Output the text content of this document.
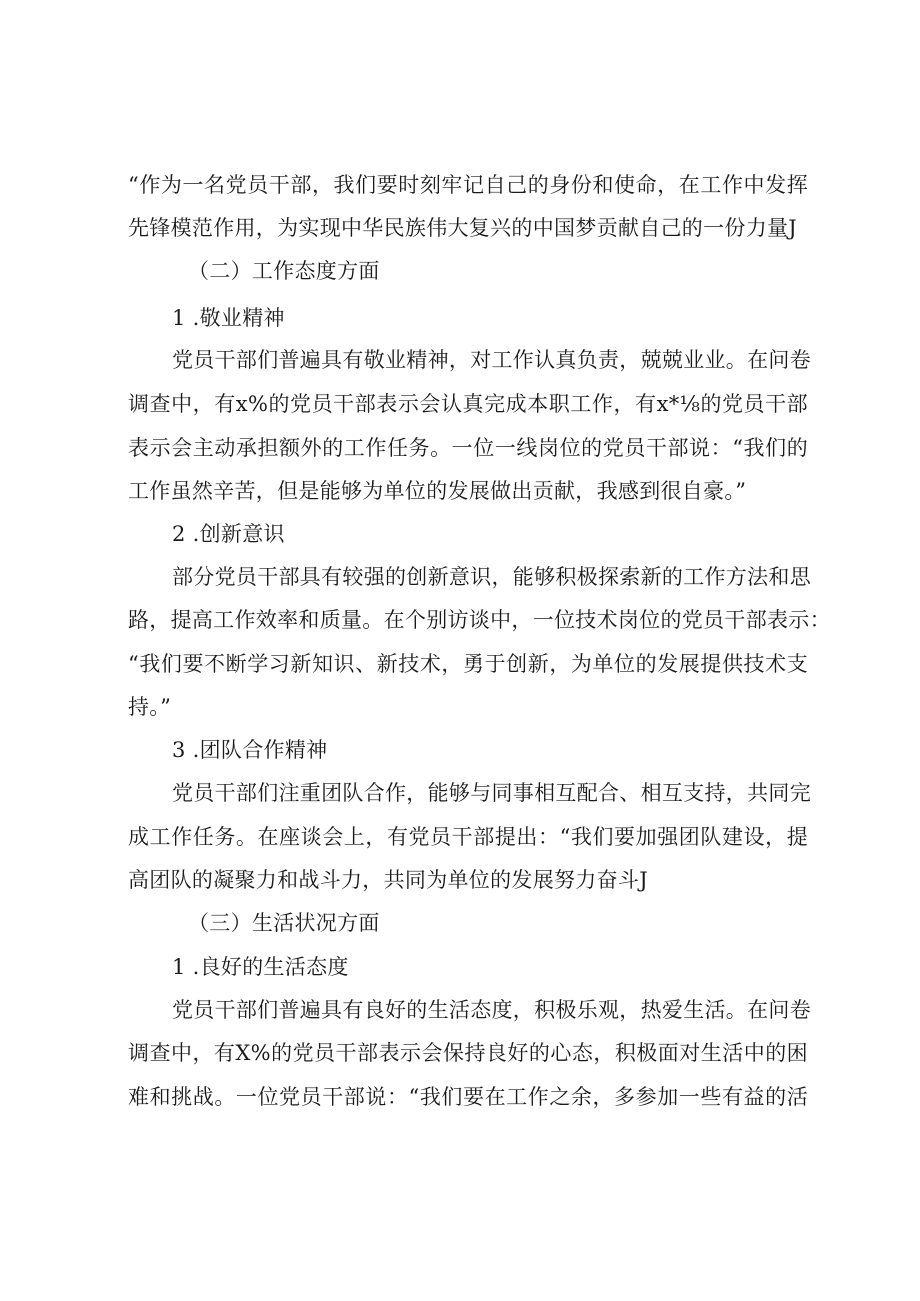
“作为一名党员干部，我们要时刻牢记自己的身份和使命，在工作中发挥
先锋模范作用，为实现中华民族伟大复兴的中国梦贡献自己的一份力量J
（二）工作态度方面
1 .敬业精神
党员干部们普遍具有敬业精神，对工作认真负责，兢兢业业。在问卷
调查中，有x%的党员干部表示会认真完成本职工作，有x*⅛的党员干部
表示会主动承担额外的工作任务。一位一线岗位的党员干部说：“我们的
工作虽然辛苦，但是能够为单位的发展做出贡献，我感到很自豪。”
2 .创新意识
部分党员干部具有较强的创新意识，能够积极探索新的工作方法和思
路，提高工作效率和质量。在个别访谈中，一位技术岗位的党员干部表示：
“我们要不断学习新知识、新技术，勇于创新，为单位的发展提供技术支
持。”
3 .团队合作精神
党员干部们注重团队合作，能够与同事相互配合、相互支持，共同完
成工作任务。在座谈会上，有党员干部提出：“我们要加强团队建设，提
高团队的凝聚力和战斗力，共同为单位的发展努力奋斗J
（三）生活状况方面
1 .良好的生活态度
党员干部们普遍具有良好的生活态度，积极乐观，热爱生活。在问卷
调查中，有X%的党员干部表示会保持良好的心态，积极面对生活中的困
难和挑战。一位党员干部说：“我们要在工作之余，多参加一些有益的活
